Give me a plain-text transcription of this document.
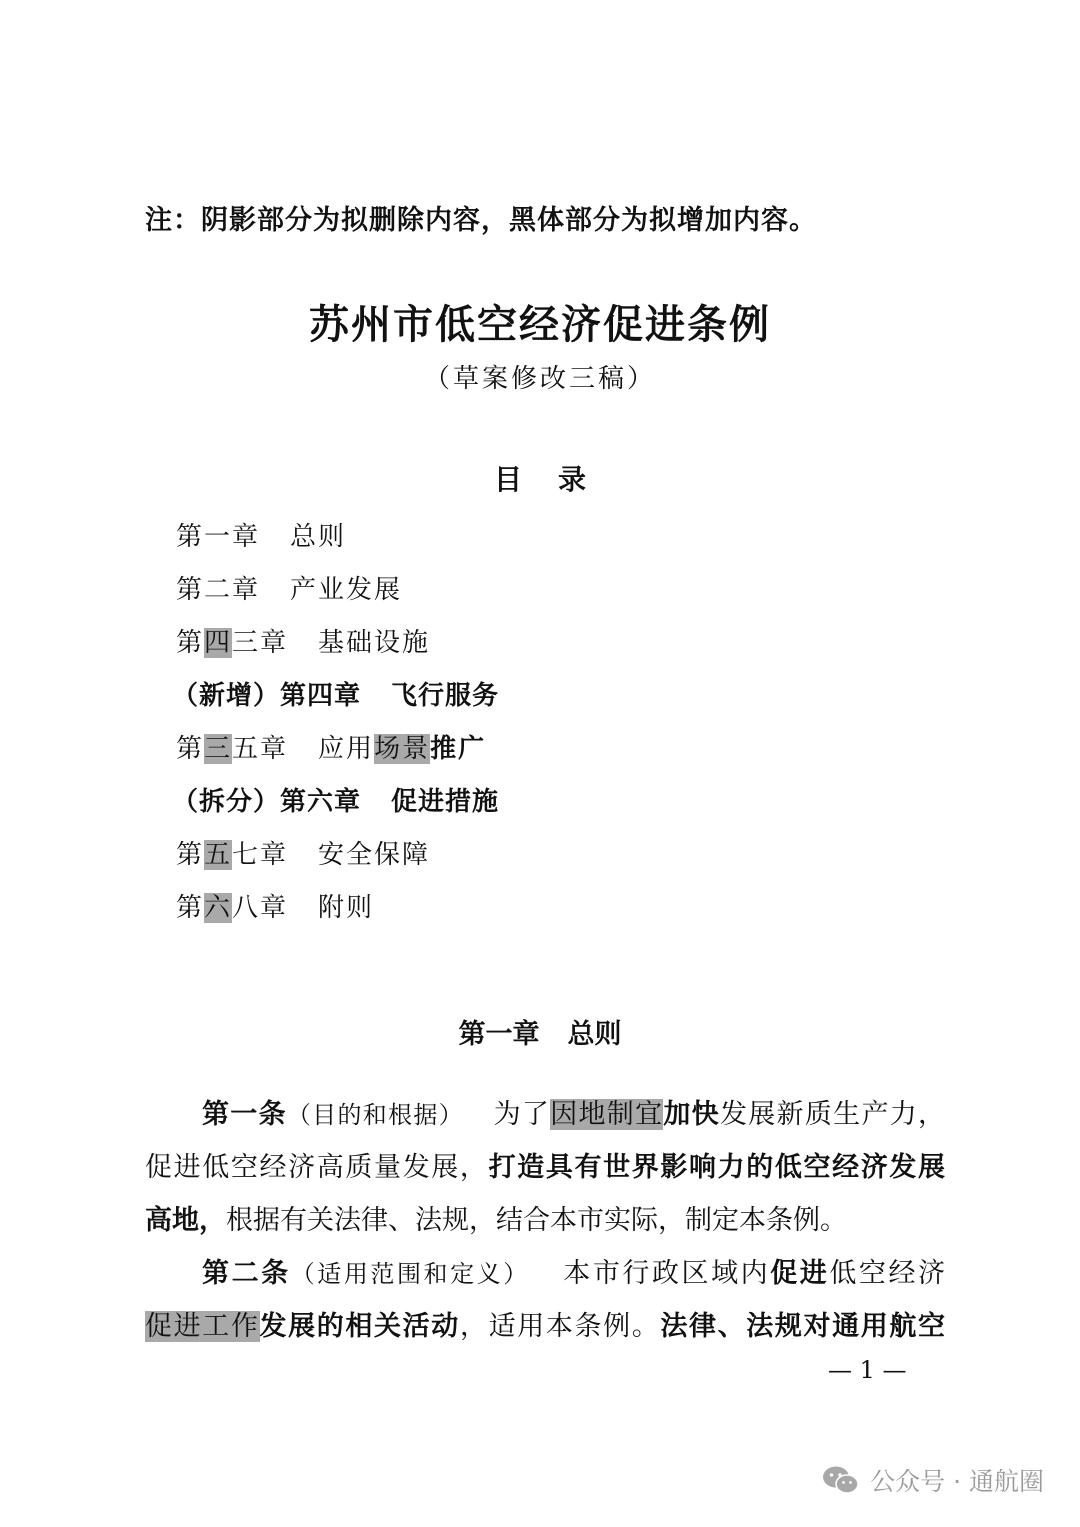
注：阴影部分为拟删除内容，黑体部分为拟增加内容。
苏州市低空经济促进条例
（草案修改三稿）
目 录
第一章 总则
第二章 产业发展
第四三章 基础设施
（新增）第四章 飞行服务
第三五章 应用场景推广
（拆分）第六章 促进措施
第五七章 安全保障
第六八章 附则
第一章 总则
第一条（目的和根据） 为了因地制宜加快发展新质生产力，
促进低空经济高质量发展，打造具有世界影响力的低空经济发展
高地，根据有关法律、法规，结合本市实际，制定本条例。
第二条（适用范围和定义） 本市行政区域内促进低空经济
促进工作发展的相关活动，适用本条例。法律、法规对通用航空
— 1 —
公众号 · 通航圈
